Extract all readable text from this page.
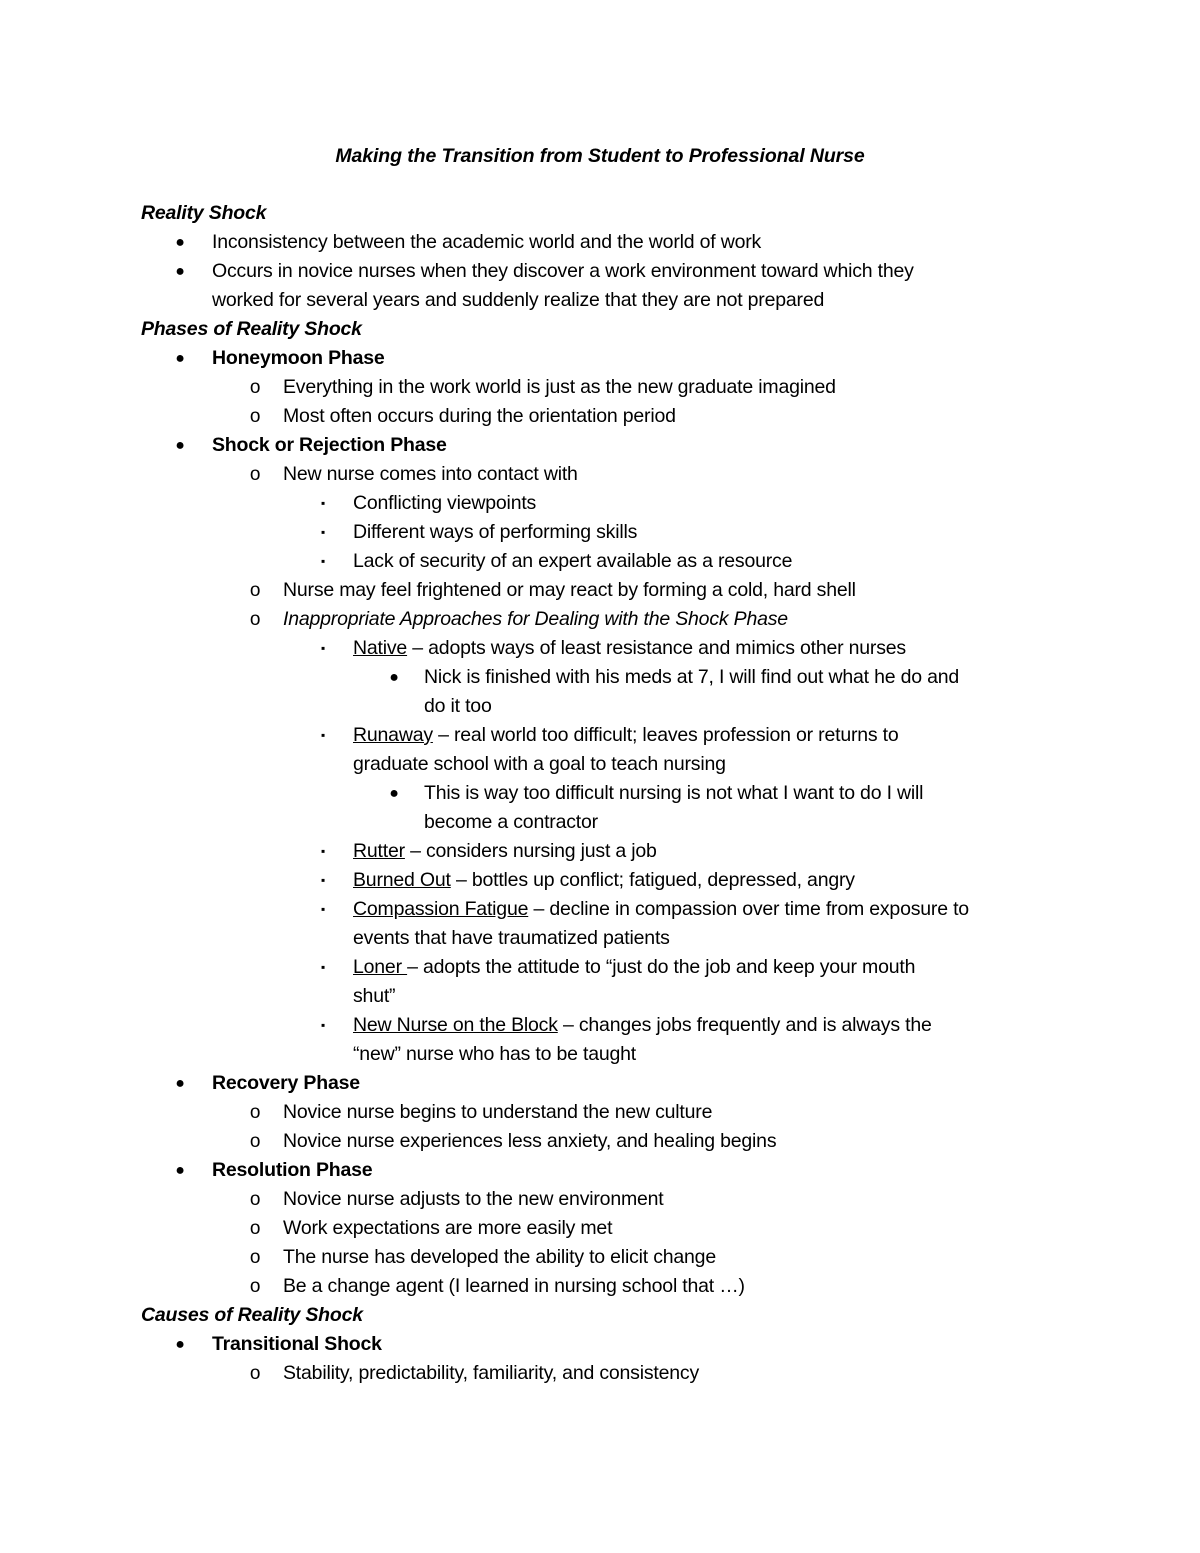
Making the Transition from Student to Professional Nurse
Reality Shock
● Inconsistency between the academic world and the world of work
● Occurs in novice nurses when they discover a work environment toward which they
worked for several years and suddenly realize that they are not prepared
Phases of Reality Shock
● Honeymoon Phase
o Everything in the work world is just as the new graduate imagined
o Most often occurs during the orientation period
● Shock or Rejection Phase
o New nurse comes into contact with
▪	Conflicting viewpoints
▪	Different ways of performing skills
▪	Lack of security of an expert available as a resource
o Nurse may feel frightened or may react by forming a cold, hard shell
o Inappropriate Approaches for Dealing with the Shock Phase
▪	Native – adopts ways of least resistance and mimics other nurses
● Nick is finished with his meds at 7, I will find out what he do and
do it too
▪	Runaway – real world too difficult; leaves profession or returns to
graduate school with a goal to teach nursing
● This is way too difficult nursing is not what I want to do I will
become a contractor
▪	Rutter – considers nursing just a job
▪	Burned Out – bottles up conflict; fatigued, depressed, angry
▪	Compassion Fatigue – decline in compassion over time from exposure to
events that have traumatized patients
▪	Loner – adopts the attitude to “just do the job and keep your mouth
shut”
▪	New Nurse on the Block – changes jobs frequently and is always the
“new” nurse who has to be taught
● Recovery Phase
o Novice nurse begins to understand the new culture
o Novice nurse experiences less anxiety, and healing begins
● Resolution Phase
o Novice nurse adjusts to the new environment
o Work expectations are more easily met
o The nurse has developed the ability to elicit change
o Be a change agent (I learned in nursing school that …)
Causes of Reality Shock
● Transitional Shock
o Stability, predictability, familiarity, and consistency
